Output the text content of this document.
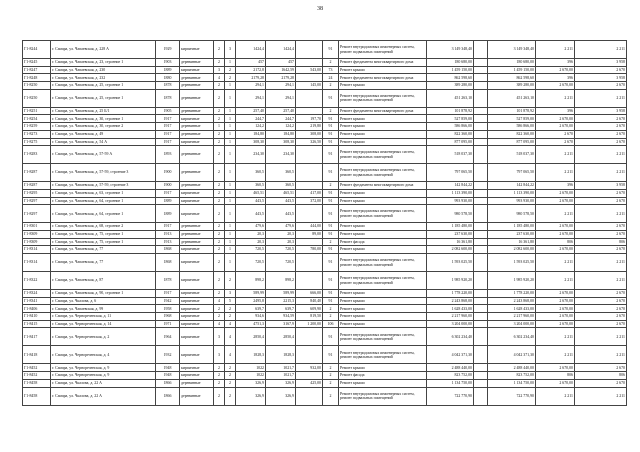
38
Г1-8244	г. Самара, ул. Чапаевская, д. 228 А	1929	кирпичные	2	3	1424,4	1424,4		91	Ремонт внутридомовых инженерных систем, ремонт подвальных помещений	3 149 348,40		3 149 348,40	2 211	2 211
Г1-8245	г. Самара, ул. Чапаевская, д. 23, строение 1	1903	деревянные	2	1	457	457		2	Ремонт фундамента многоквартирного дома	180 680,00		180 680,00	396	3 958
Г1-8247	г. Самара, ул. Чапаевская, д. 230	1889	кирпичные	3	2	2172,8	1642,59	543,00	73	Ремонт крыши	1 459 150,00		1 459 150,00	2 670,00	2 670
Г1-8248	г. Самара, ул. Чапаевская, д. 232	1880	деревянные	4	2	2179,28	2179,28		24	Ремонт фундамента многоквартирного дома	862 598,60		862 598,60	396	3 958
Г1-8250	г. Самара, ул. Чапаевская, д. 25, строение 1	1878	деревянные	2	1	294,1	294,1	145,00	2	Ремонт крыши	389 280,00		389 280,00	2 670,00	2 670
Г1-8250	г. Самара, ул. Чапаевская, д. 25, строение 1	1878	деревянные	2	1	294,1	294,1		91	Ремонт внутридомовых инженерных систем, ремонт подвальных помещений	451 263,10		451 263,10	2 211	2 211
Г1-8251	г. Самара, ул. Чапаевская, д. 25 Б/1	1905	деревянные	2	1	257,40	257,40		2	Ремонт фундамента многоквартирного дома	101 878,92		101 878,92	396	3 958
Г1-8254	г. Самара, ул. Чапаевская, д. 30, строение 1	1917	кирпичные	2	1	244,7	244,7	197,70	91	Ремонт крыши	527 859,00		527 859,00	2 670,00	2 670
Г1-8259	г. Самара, ул. Чапаевская, д. 30, строение 2	1917	деревянные	1	1	124,2	124,2	219,80	91	Ремонт крыши	586 866,00		586 866,00	2 670,00	2 670
Г1-8273	г. Самара, ул. Чапаевская, д. 49	1917	деревянные	2	1	184,80	184,80	308,00	91	Ремонт крыши	822 360,00		822 360,00	2 670	2 670
Г1-8275	г. Самара, ул. Чапаевская, д. 54 А	1917	кирпичные	2	1	308,30	308,30	326,50	91	Ремонт крыши	877 095,00		877 095,00	2 670	2 670
Г1-8283	г. Самара, ул. Чапаевская, д. 57-59 А	1893	деревянные	2	1	234,30	234,30		91	Ремонт внутридомовых инженерных систем, ремонт подвальных помещений	518 037,30		518 037,30	2 211	2 211
Г1-8287	г. Самара, ул. Чапаевская, д. 57-59, строение 3	1900	деревянные	2	1	360,5	360,5		91	Ремонт внутридомовых инженерных систем, ремонт подвальных помещений	797 065,50		797 065,50	2 211	2 211
Г1-8287	г. Самара, ул. Чапаевская, д. 57-59, строение 3	1900	деревянные	2	1	360,5	360,5		2	Ремонт фундамента многоквартирного дома	142 844,22		142 844,22	396	3 958
Г1-8295	г. Самара, ул. Чапаевская, д. 63, строение 1	1917	кирпичные	2	1	465,51	465,51	417,00	91	Ремонт крыши	1 113 390,00		1 113 390,00	2 670,00	2 670
Г1-8297	г. Самара, ул. Чапаевская, д. 64, строение 1	1889	кирпичные	2	1	443,5	443,5	372,00	91	Ремонт крыши	993 930,00		993 930,00	2 670,00	2 670
Г1-8297	г. Самара, ул. Чапаевская, д. 64, строение 1	1889	кирпичные	2	1	443,5	443,5		91	Ремонт внутридомовых инженерных систем, ремонт подвальных помещений	980 578,50		980 578,50	2 211	2 211
Г1-8301	г. Самара, ул. Чапаевская, д. 68, строение 2	1917	деревянные	2	1	479,6	479,6	444,00	91	Ремонт крыши	1 185 480,00		1 185 480,00	2 670,00	2 670
Г1-8309	г. Самара, ул. Чапаевская, д. 75, строение 1	1913	деревянные	2	1	20,3	20,3	89,00	91	Ремонт крыши	237 630,00		237 630,00	2 670,00	2 670
Г1-8309	г. Самара, ул. Чапаевская, д. 75, строение 1	1913	деревянные	2	1	20,3	20,3		2	Ремонт фасада	16 361,80		16 361,80	806	806
Г1-8314	г. Самара, ул. Чапаевская, д. 77	1868	кирпичные	2	1	720,5	720,5	780,00	91	Ремонт крыши	2 082 600,00		2 082 600,00	2 670,00	2 670
Г1-8314	г. Самара, ул. Чапаевская, д. 77	1868	кирпичные	2	1	720,5	720,5		91	Ремонт внутридомовых инженерных систем, ремонт подвальных помещений	1 593 025,50		1 593 025,50	2 211	2 211
Г1-8322	г. Самара, ул. Чапаевская, д. 87	1878	кирпичные	2	2	898,2	898,2		91	Ремонт внутридомовых инженерных систем, ремонт подвальных помещений	1 985 920,20		1 985 920,20	2 211	2 211
Г1-8324	г. Самара, ул. Чапаевская, д. 90, строение 1	1917	кирпичные	2	3	589,99	589,99	666,00	91	Ремонт крыши	1 778 220,00		1 778 220,00	2 670,00	2 670
Г1-8341	г. Самара, ул. Чкалова, д. 6	1942	кирпичные	4	5	2495,8	2215,3	840,40	91	Ремонт крыши	2 243 868,00		2 243 868,00	2 670,00	2 670
Г1-8406	г. Самара, ул. Чапаевская, д. 99	1958	кирпичные	2	2	639,7	639,7	609,90	2	Ремонт крыши	1 628 433,00		1 628 433,00	2 670,00	2 670
Г1-8410	г. Самара, ул. Чернореченская, д. 11	1968	кирпичные	2	2	934,6	934,59	819,50	2	Ремонт крыши	2 217 960,00		2 217 960,00	2 670,00	2 670
Г1-8415	г. Самара, ул. Чернореченская, д. 14	1971	кирпичные	4	4	4751,3	3167,9	1 200,00	106	Ремонт крыши	3 204 000,00		3 204 000,00	2 670,00	2 670
Г1-8417	г. Самара, ул. Чернореченская, д. 2	1964	кирпичные	3	4	2850,4	2850,4		91	Ремонт внутридомовых инженерных систем, ремонт подвальных помещений	6 302 234,40		6 302 234,40	2 211	2 211
Г1-8418	г. Самара, ул. Чернореченская, д. 4	1932	кирпичные	3	4	1828,3	1828,3		91	Ремонт внутридомовых инженерных систем, ремонт подвальных помещений	4 042 371,30		4 042 371,30	2 211	2 211
Г1-8452	г. Самара, ул. Чернореченская, д. 9	1948	кирпичные	2	2	1022	1021,7	932,00	2	Ремонт крыши	2 488 440,00		2 488 440,00	2 670,00	2 670
Г1-8452	г. Самара, ул. Чернореченская, д. 9	1948	кирпичные	2	2	1022	1021,7		2	Ремонт фасада	823 752,00		823 752,00	806	806
Г1-8458	г. Самара, ул. Чкалова, д. 22 А	1866	деревянные	2	2	326,9	326,9	425,00	2	Ремонт крыши	1 134 750,00		1 134 750,00	2 670,00	2 670
Г1-8458	г. Самара, ул. Чкалова, д. 22 А	1866	деревянные	2	2	326,9	326,9		2	Ремонт внутридомовых инженерных систем, ремонт подвальных помещений	722 770,90		722 770,90	2 211	2 211
